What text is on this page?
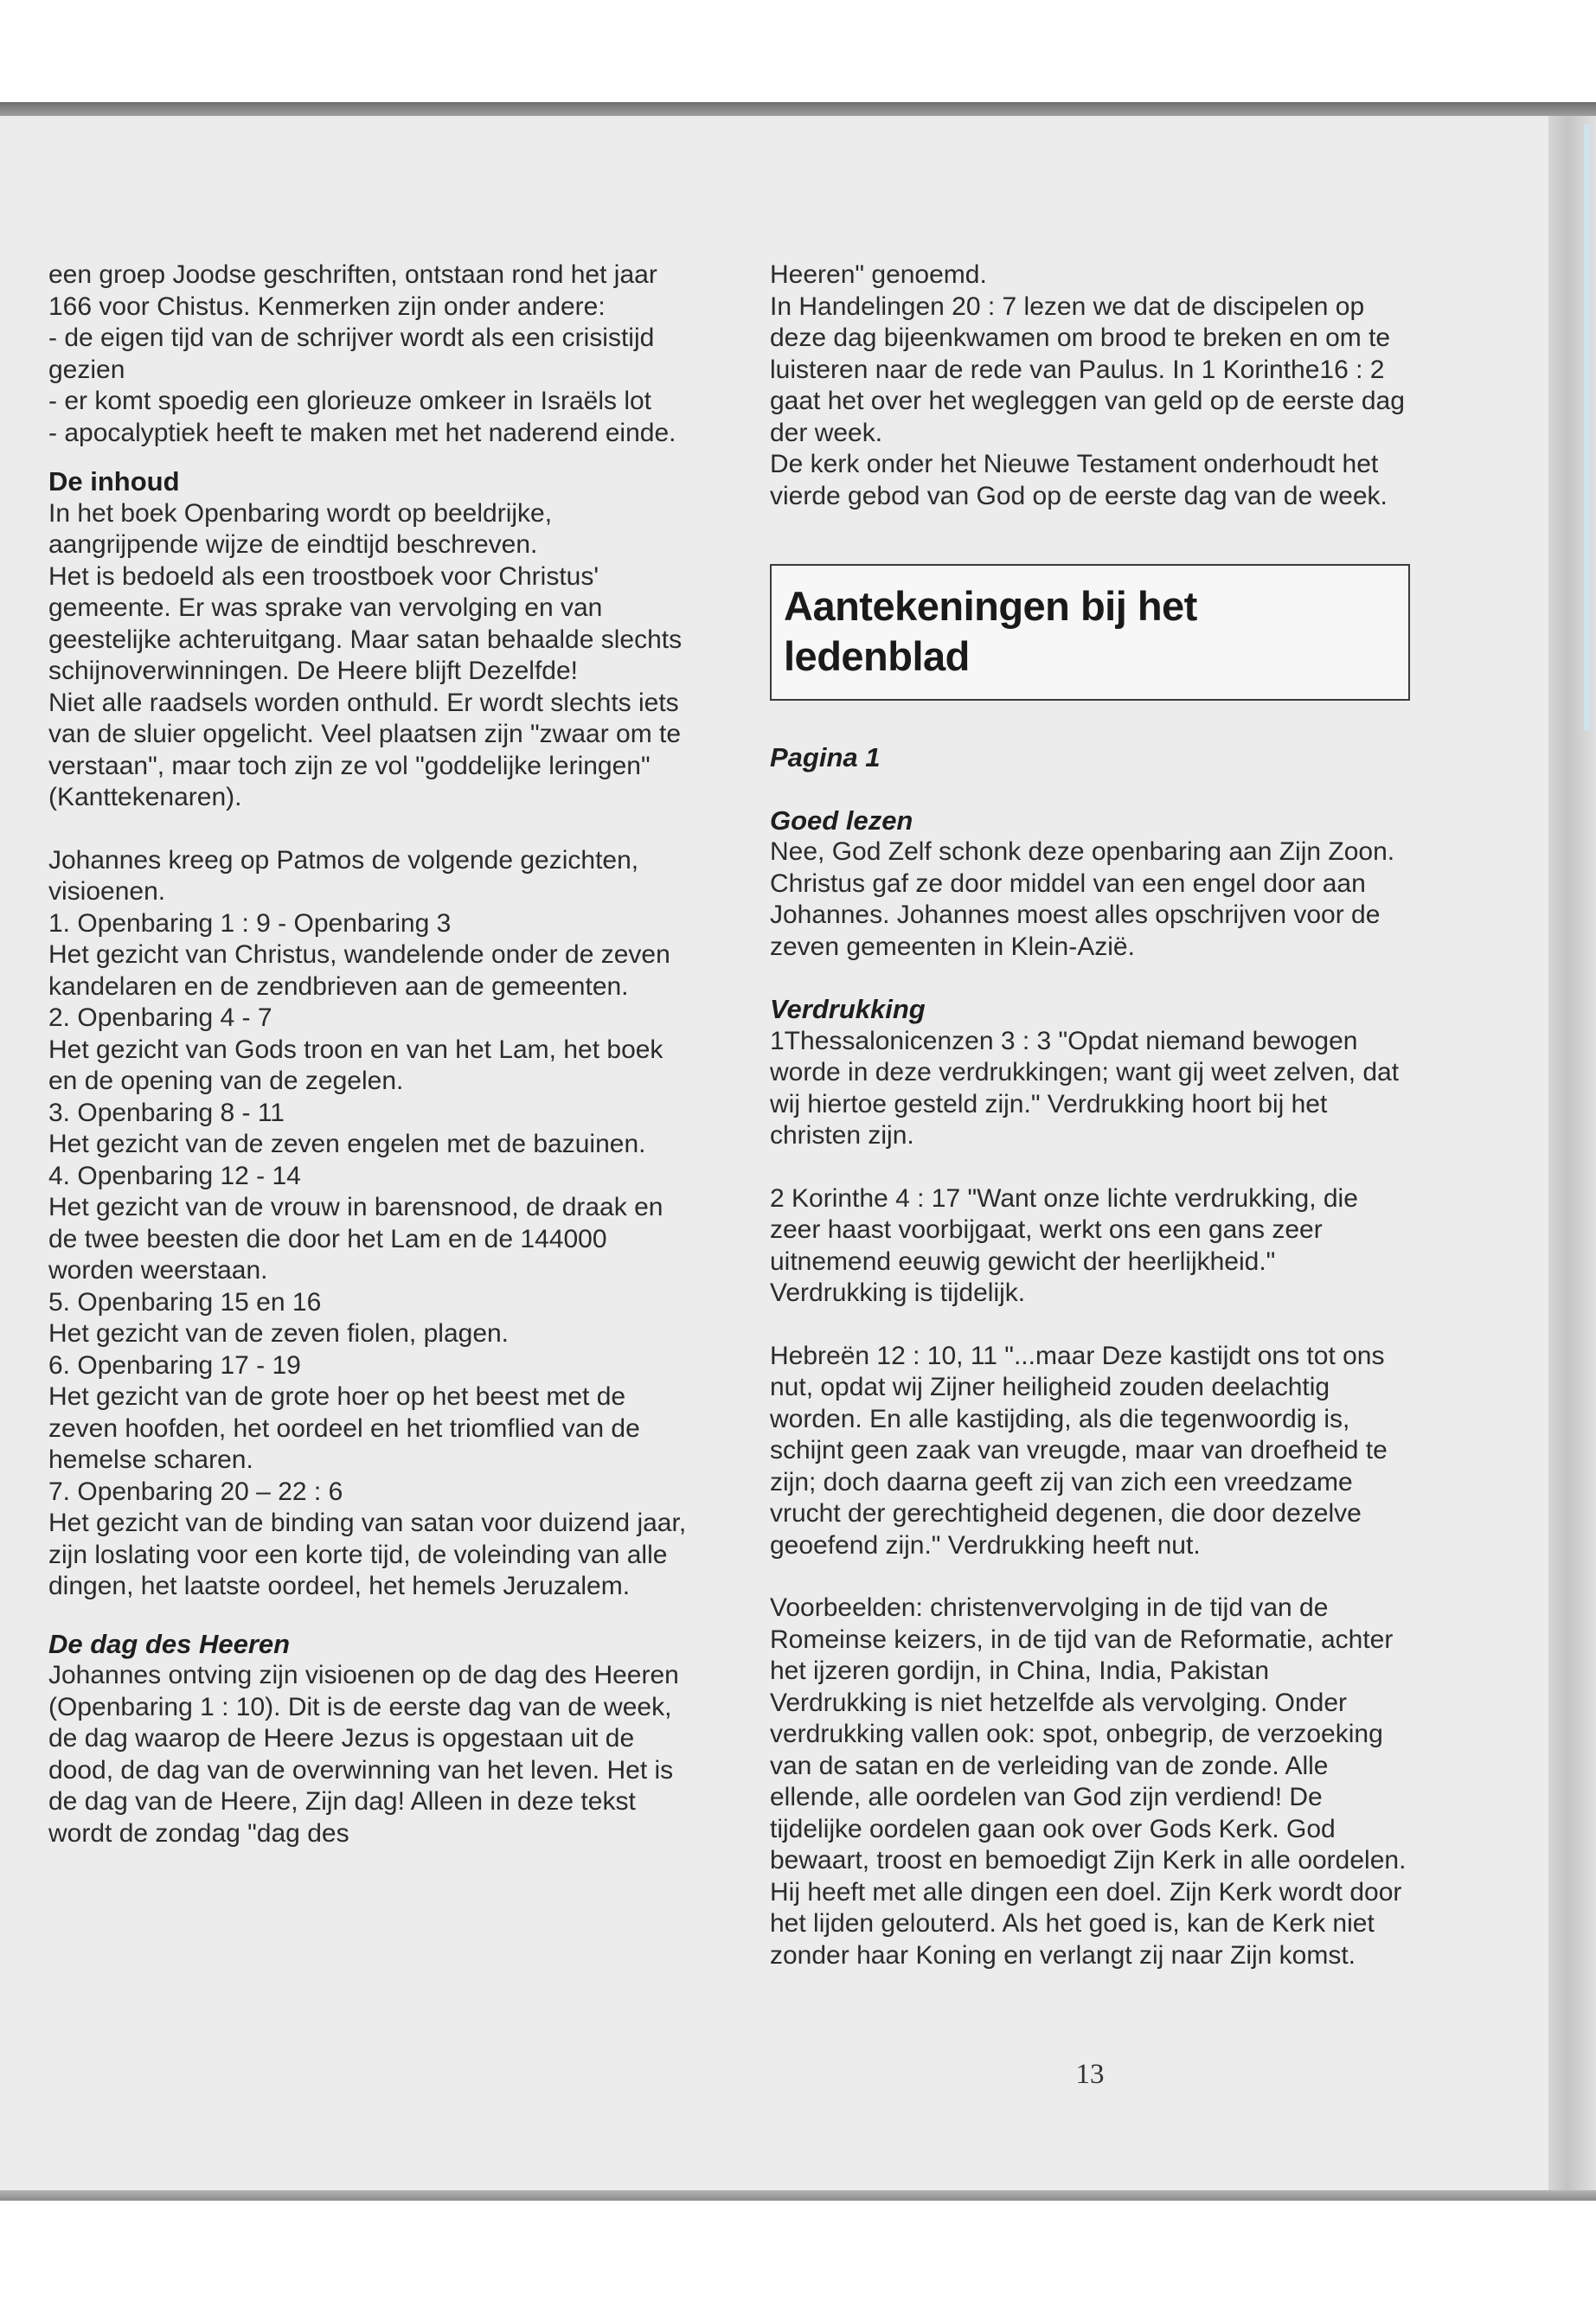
een groep Joodse geschriften, ontstaan rond het jaar 166 voor Chistus. Kenmerken zijn onder andere:

- de eigen tijd van de schrijver wordt als een crisistijd gezien

- er komt spoedig een glorieuze omkeer in Israëls lot

- apocalyptiek heeft te maken met het naderend einde.

De inhoud

In het boek Openbaring wordt op beeldrijke, aangrijpende wijze de eindtijd beschreven.

Het is bedoeld als een troostboek voor Christus' gemeente. Er was sprake van vervolging en van geestelijke achteruitgang. Maar satan behaalde slechts schijnoverwinningen. De Heere blijft Dezelfde!

Niet alle raadsels worden onthuld. Er wordt slechts iets van de sluier opgelicht. Veel plaatsen zijn "zwaar om te verstaan", maar toch zijn ze vol "goddelijke leringen" (Kanttekenaren).

Johannes kreeg op Patmos de volgende gezichten, visioenen.

1. Openbaring 1 : 9 - Openbaring 3

Het gezicht van Christus, wandelende onder de zeven kandelaren en de zendbrieven aan de gemeenten.

2. Openbaring 4 - 7

Het gezicht van Gods troon en van het Lam, het boek en de opening van de zegelen.

3. Openbaring 8 - 11

Het gezicht van de zeven engelen met de bazuinen.

4. Openbaring 12 - 14

Het gezicht van de vrouw in barensnood, de draak en de twee beesten die door het Lam en de 144000 worden weerstaan.

5. Openbaring 15 en 16

Het gezicht van de zeven fiolen, plagen.

6. Openbaring 17 - 19

Het gezicht van de grote hoer op het beest met de zeven hoofden, het oordeel en het triomflied van de hemelse scharen.

7. Openbaring 20 – 22 : 6

Het gezicht van de binding van satan voor duizend jaar, zijn loslating voor een korte tijd, de voleinding van alle dingen, het laatste oordeel, het hemels Jeruzalem.

De dag des Heeren

Johannes ontving zijn visioenen op de dag des Heeren (Openbaring 1 : 10). Dit is de eerste dag van de week, de dag waarop de Heere Jezus is opgestaan uit de dood, de dag van de overwinning van het leven. Het is de dag van de Heere, Zijn dag! Alleen in deze tekst wordt de zondag "dag des

Heeren" genoemd.

In Handelingen 20 : 7 lezen we dat de discipelen op deze dag bijeenkwamen om brood te breken en om te luisteren naar de rede van Paulus. In 1 Korinthe16 : 2 gaat het over het wegleggen van geld op de eerste dag der week.

De kerk onder het Nieuwe Testament onderhoudt het vierde gebod van God op de eerste dag van de week.

Aantekeningen bij het ledenblad

Pagina 1

Goed lezen

Nee, God Zelf schonk deze openbaring aan Zijn Zoon. Christus gaf ze door middel van een engel door aan Johannes. Johannes moest alles opschrijven voor de zeven gemeenten in Klein-Azië.

Verdrukking

1Thessalonicenzen 3 : 3 "Opdat niemand bewogen worde in deze verdrukkingen; want gij weet zelven, dat wij hiertoe gesteld zijn." Verdrukking hoort bij het christen zijn.

2 Korinthe 4 : 17 "Want onze lichte verdrukking, die zeer haast voorbijgaat, werkt ons een gans zeer uitnemend eeuwig gewicht der heerlijkheid." Verdrukking is tijdelijk.

Hebreën 12 : 10, 11 "...maar Deze kastijdt ons tot ons nut, opdat wij Zijner heiligheid zouden deelachtig worden. En alle kastijding, als die tegenwoordig is, schijnt geen zaak van vreugde, maar van droefheid te zijn; doch daarna geeft zij van zich een vreedzame vrucht der gerechtigheid degenen, die door dezelve geoefend zijn." Verdrukking heeft nut.

Voorbeelden: christenvervolging in de tijd van de Romeinse keizers, in de tijd van de Reformatie, achter het ijzeren gordijn, in China, India, Pakistan Verdrukking is niet hetzelfde als vervolging. Onder verdrukking vallen ook: spot, onbegrip, de verzoeking van de satan en de verleiding van de zonde. Alle ellende, alle oordelen van God zijn verdiend! De tijdelijke oordelen gaan ook over Gods Kerk. God bewaart, troost en bemoedigt Zijn Kerk in alle oordelen. Hij heeft met alle dingen een doel. Zijn Kerk wordt door het lijden gelouterd. Als het goed is, kan de Kerk niet zonder haar Koning en verlangt zij naar Zijn komst.

13
